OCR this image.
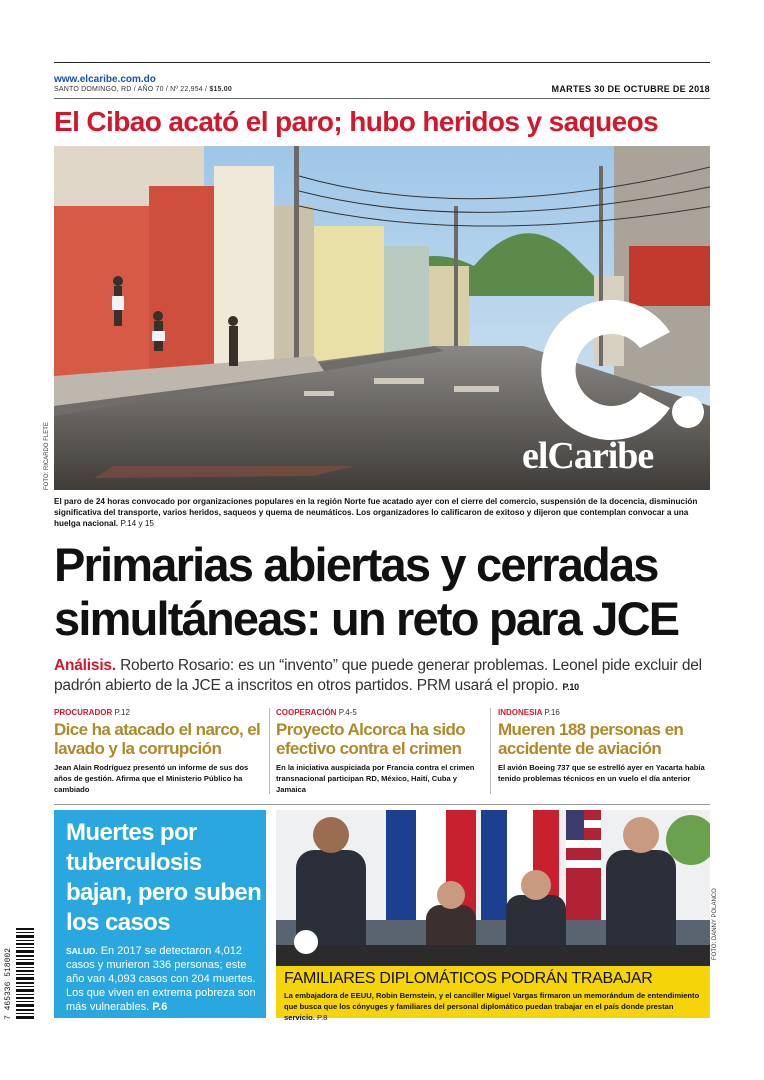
www.elcaribe.com.do
SANTO DOMINGO, RD / AÑO 70 / Nº 22,954 / $15.00	MARTES 30 DE OCTUBRE DE 2018
El Cibao acató el paro; hubo heridos y saqueos
FOTO: RICARDO FLETE	elCaribe
El paro de 24 horas convocado por organizaciones populares en la región Norte fue acatado ayer con el cierre del comercio, suspensión de la docencia, disminución significativa del transporte, varios heridos, saqueos y quema de neumáticos. Los organizadores lo calificaron de exitoso y dijeron que contemplan convocar a una huelga nacional. P.14 y 15
Primarias abiertas y cerradas
simultáneas: un reto para JCE
Análisis. Roberto Rosario: es un “invento” que puede generar problemas. Leonel pide excluir del padrón abierto de la JCE a inscritos en otros partidos. PRM usará el propio. P.10
PROCURADOR P.12
Dice ha atacado el narco, el lavado y la corrupción
Jean Alain Rodríguez presentó un informe de sus dos años de gestión. Afirma que el Ministerio Público ha cambiado
COOPERACIÓN P.4-5
Proyecto Alcorca ha sido efectivo contra el crimen
En la iniciativa auspiciada por Francia contra el crimen transnacional participan RD, México, Haití, Cuba y Jamaica
INDONESIA P.16
Mueren 188 personas en accidente de aviación
El avión Boeing 737 que se estrelló ayer en Yacarta había tenido problemas técnicos en un vuelo el día anterior
Muertes por tuberculosis bajan, pero suben los casos
SALUD. En 2017 se detectaron 4,012 casos y murieron 336 personas; este año van 4,093 casos con 204 muertes. Los que viven en extrema pobreza son más vulnerables. P.6
FOTO: DANNY POLANCO
FAMILIARES DIPLOMÁTICOS PODRÁN TRABAJAR
La embajadora de EEUU, Robin Bernstein, y el canciller Miguel Vargas firmaron un memorándum de entendimiento que busca que los cónyuges y familiares del personal diplomático puedan trabajar en el país donde prestan servicio. P.8
7 465336 518002
